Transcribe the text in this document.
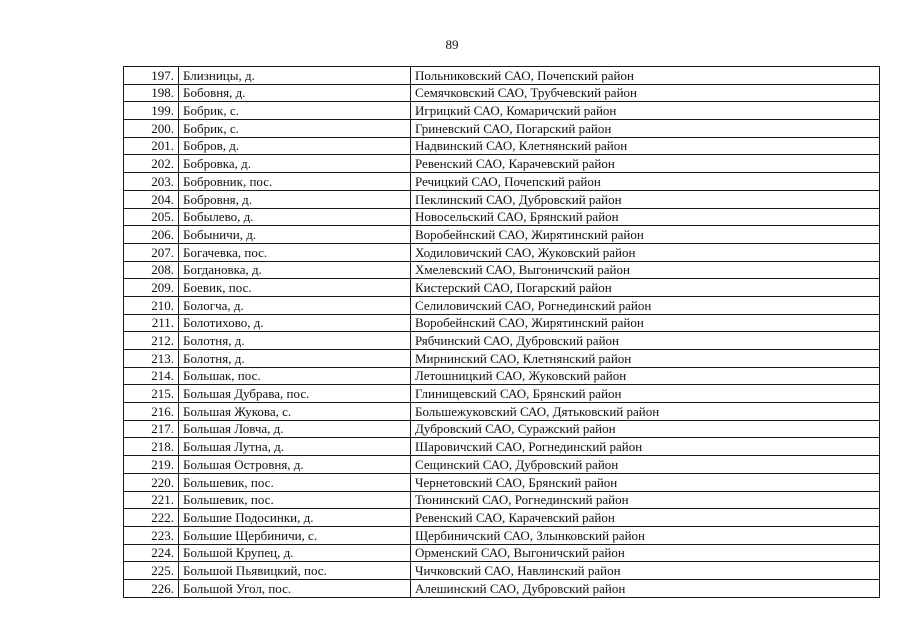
89
197.	Близницы, д.	Польниковский САО, Почепский район
198.	Бобовня, д.	Семячковский САО, Трубчевский район
199.	Бобрик, с.	Игрицкий САО, Комаричский район
200.	Бобрик, с.	Гриневский САО, Погарский район
201.	Бобров, д.	Надвинский САО, Клетнянский район
202.	Бобровка, д.	Ревенский САО, Карачевский район
203.	Бобровник, пос.	Речицкий САО, Почепский район
204.	Бобровня, д.	Пеклинский САО, Дубровский район
205.	Бобылево, д.	Новосельский САО, Брянский район
206.	Бобыничи, д.	Воробейнский САО, Жирятинский район
207.	Богачевка, пос.	Ходиловичский САО, Жуковский район
208.	Богдановка, д.	Хмелевский САО, Выгоничский район
209.	Боевик, пос.	Кистерский САО, Погарский район
210.	Бологча, д.	Селиловичский САО, Рогнединский район
211.	Болотихово, д.	Воробейнский САО, Жирятинский район
212.	Болотня, д.	Рябчинский САО, Дубровский район
213.	Болотня, д.	Мирнинский САО, Клетнянский район
214.	Большак, пос.	Летошницкий САО, Жуковский район
215.	Большая Дубрава, пос.	Глинищевский САО, Брянский район
216.	Большая Жукова, с.	Большежуковский САО, Дятьковский район
217.	Большая Ловча, д.	Дубровский САО, Суражский район
218.	Большая Лутна, д.	Шаровичский САО, Рогнединский район
219.	Большая Островня, д.	Сещинский САО, Дубровский район
220.	Большевик, пос.	Чернетовский САО, Брянский район
221.	Большевик, пос.	Тюнинский САО, Рогнединский район
222.	Большие Подосинки, д.	Ревенский САО, Карачевский район
223.	Большие Щербиничи, с.	Щербиничский САО, Злынковский район
224.	Большой Крупец, д.	Орменский САО, Выгоничский район
225.	Большой Пьявицкий, пос.	Чичковский САО, Навлинский район
226.	Большой Угол, пос.	Алешинский САО, Дубровский район
